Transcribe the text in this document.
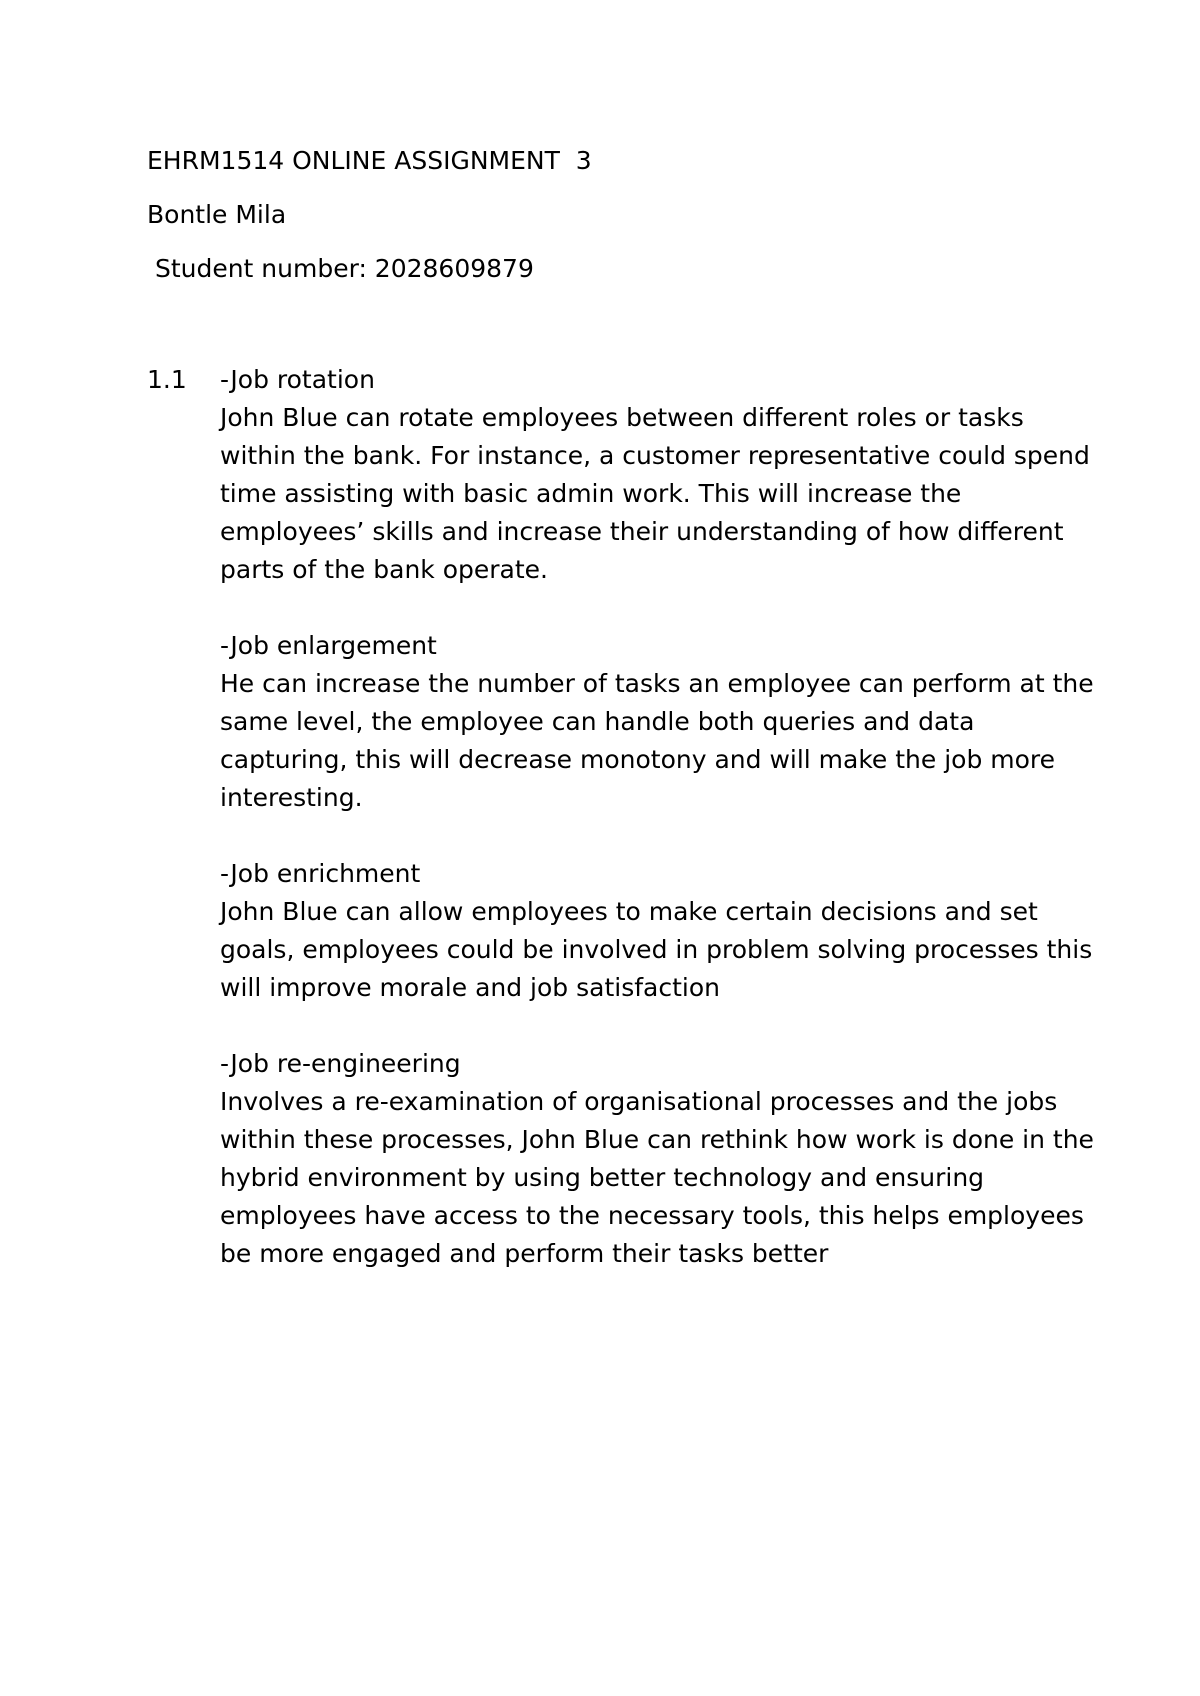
EHRM1514 ONLINE ASSIGNMENT  3

Bontle Mila

Student number: 2028609879

1.1 -Job rotation

John Blue can rotate employees between different roles or tasks within the bank. For instance, a customer representative could spend time assisting with basic admin work. This will increase the employees’ skills and increase their understanding of how different parts of the bank operate.

-Job enlargement

He can increase the number of tasks an employee can perform at the same level, the employee can handle both queries and data capturing, this will decrease monotony and will make the job more interesting.

-Job enrichment

John Blue can allow employees to make certain decisions and set goals, employees could be involved in problem solving processes this will improve morale and job satisfaction

-Job re-engineering

Involves a re-examination of organisational processes and the jobs within these processes, John Blue can rethink how work is done in the hybrid environment by using better technology and ensuring employees have access to the necessary tools, this helps employees be more engaged and perform their tasks better
